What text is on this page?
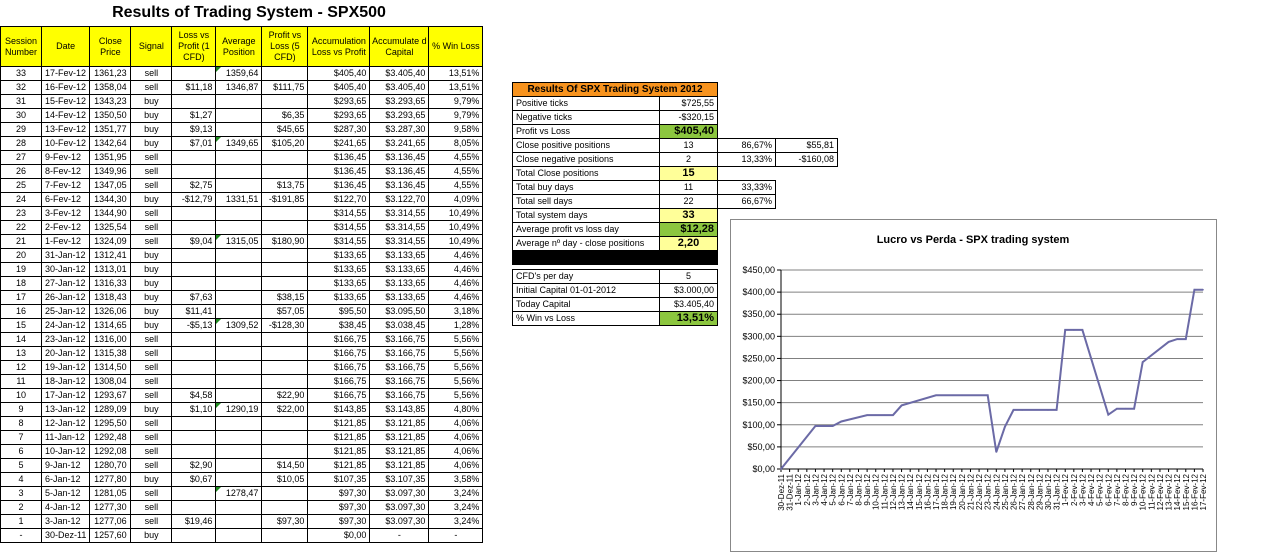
Results of Trading System - SPX500
Session Number	Date	Close Price	Signal	Loss vs Profit (1 CFD)	Average Position	Profit vs Loss (5 CFD)	Accumulation Loss vs Profit	Accumulate d Capital	% Win Loss
33	17-Fev-12	1361,23	sell		1359,64		$405,40	$3.405,40	13,51%
32	16-Fev-12	1358,04	sell	$11,18	1346,87	$111,75	$405,40	$3.405,40	13,51%
31	15-Fev-12	1343,23	buy				$293,65	$3.293,65	9,79%
30	14-Fev-12	1350,50	buy	$1,27		$6,35	$293,65	$3.293,65	9,79%
29	13-Fev-12	1351,77	buy	$9,13		$45,65	$287,30	$3.287,30	9,58%
28	10-Fev-12	1342,64	buy	$7,01	1349,65	$105,20	$241,65	$3.241,65	8,05%
27	9-Fev-12	1351,95	sell				$136,45	$3.136,45	4,55%
26	8-Fev-12	1349,96	sell				$136,45	$3.136,45	4,55%
25	7-Fev-12	1347,05	sell	$2,75		$13,75	$136,45	$3.136,45	4,55%
24	6-Fev-12	1344,30	buy	-$12,79	1331,51	-$191,85	$122,70	$3.122,70	4,09%
23	3-Fev-12	1344,90	sell				$314,55	$3.314,55	10,49%
22	2-Fev-12	1325,54	sell				$314,55	$3.314,55	10,49%
21	1-Fev-12	1324,09	sell	$9,04	1315,05	$180,90	$314,55	$3.314,55	10,49%
20	31-Jan-12	1312,41	buy				$133,65	$3.133,65	4,46%
19	30-Jan-12	1313,01	buy				$133,65	$3.133,65	4,46%
18	27-Jan-12	1316,33	buy				$133,65	$3.133,65	4,46%
17	26-Jan-12	1318,43	buy	$7,63		$38,15	$133,65	$3.133,65	4,46%
16	25-Jan-12	1326,06	buy	$11,41		$57,05	$95,50	$3.095,50	3,18%
15	24-Jan-12	1314,65	buy	-$5,13	1309,52	-$128,30	$38,45	$3.038,45	1,28%
14	23-Jan-12	1316,00	sell				$166,75	$3.166,75	5,56%
13	20-Jan-12	1315,38	sell				$166,75	$3.166,75	5,56%
12	19-Jan-12	1314,50	sell				$166,75	$3.166,75	5,56%
11	18-Jan-12	1308,04	sell				$166,75	$3.166,75	5,56%
10	17-Jan-12	1293,67	sell	$4,58		$22,90	$166,75	$3.166,75	5,56%
9	13-Jan-12	1289,09	buy	$1,10	1290,19	$22,00	$143,85	$3.143,85	4,80%
8	12-Jan-12	1295,50	sell				$121,85	$3.121,85	4,06%
7	11-Jan-12	1292,48	sell				$121,85	$3.121,85	4,06%
6	10-Jan-12	1292,08	sell				$121,85	$3.121,85	4,06%
5	9-Jan-12	1280,70	sell	$2,90		$14,50	$121,85	$3.121,85	4,06%
4	6-Jan-12	1277,80	buy	$0,67		$10,05	$107,35	$3.107,35	3,58%
3	5-Jan-12	1281,05	sell		1278,47		$97,30	$3.097,30	3,24%
2	4-Jan-12	1277,30	sell				$97,30	$3.097,30	3,24%
1	3-Jan-12	1277,06	sell	$19,46		$97,30	$97,30	$3.097,30	3,24%
-	30-Dez-11	1257,60	buy				$0,00	-	-
Results Of SPX Trading System 2012			
Positive ticks	$725,55		
Negative ticks	-$320,15		
Profit vs Loss	$405,40		
Close positive positions	13	86,67%	$55,81
Close negative positions	2	13,33%	-$160,08
Total Close positions	15		
Total buy days	11	33,33%	
Total sell days	22	66,67%	
Total system days	33		
Average profit vs loss day	$12,28		
Average nº day - close positions	2,20		

CFD's per day	5		
Initial Capital 01-01-2012	$3.000,00		
Today Capital	$3.405,40		
% Win vs Loss	13,51%		
Lucro vs Perda - SPX trading system
$0,00
$50,00
$100,00
$150,00
$200,00
$250,00
$300,00
$350,00
$400,00
$450,00
30-Dez-11 31-Dez-11 1-Jan-12 2-Jan-12 3-Jan-12 4-Jan-12 5-Jan-12 6-Jan-12 7-Jan-12 8-Jan-12 9-Jan-12 10-Jan-12 11-Jan-12 12-Jan-12 13-Jan-12 14-Jan-12 15-Jan-12 16-Jan-12 17-Jan-12 18-Jan-12 19-Jan-12 20-Jan-12 21-Jan-12 22-Jan-12 23-Jan-12 24-Jan-12 25-Jan-12 26-Jan-12 27-Jan-12 28-Jan-12 29-Jan-12 30-Jan-12 31-Jan-12 1-Fev-12 2-Fev-12 3-Fev-12 4-Fev-12 5-Fev-12 6-Fev-12 7-Fev-12 8-Fev-12 9-Fev-12 10-Fev-12 11-Fev-12 12-Fev-12 13-Fev-12 14-Fev-12 15-Fev-12 16-Fev-12 17-Fev-12
